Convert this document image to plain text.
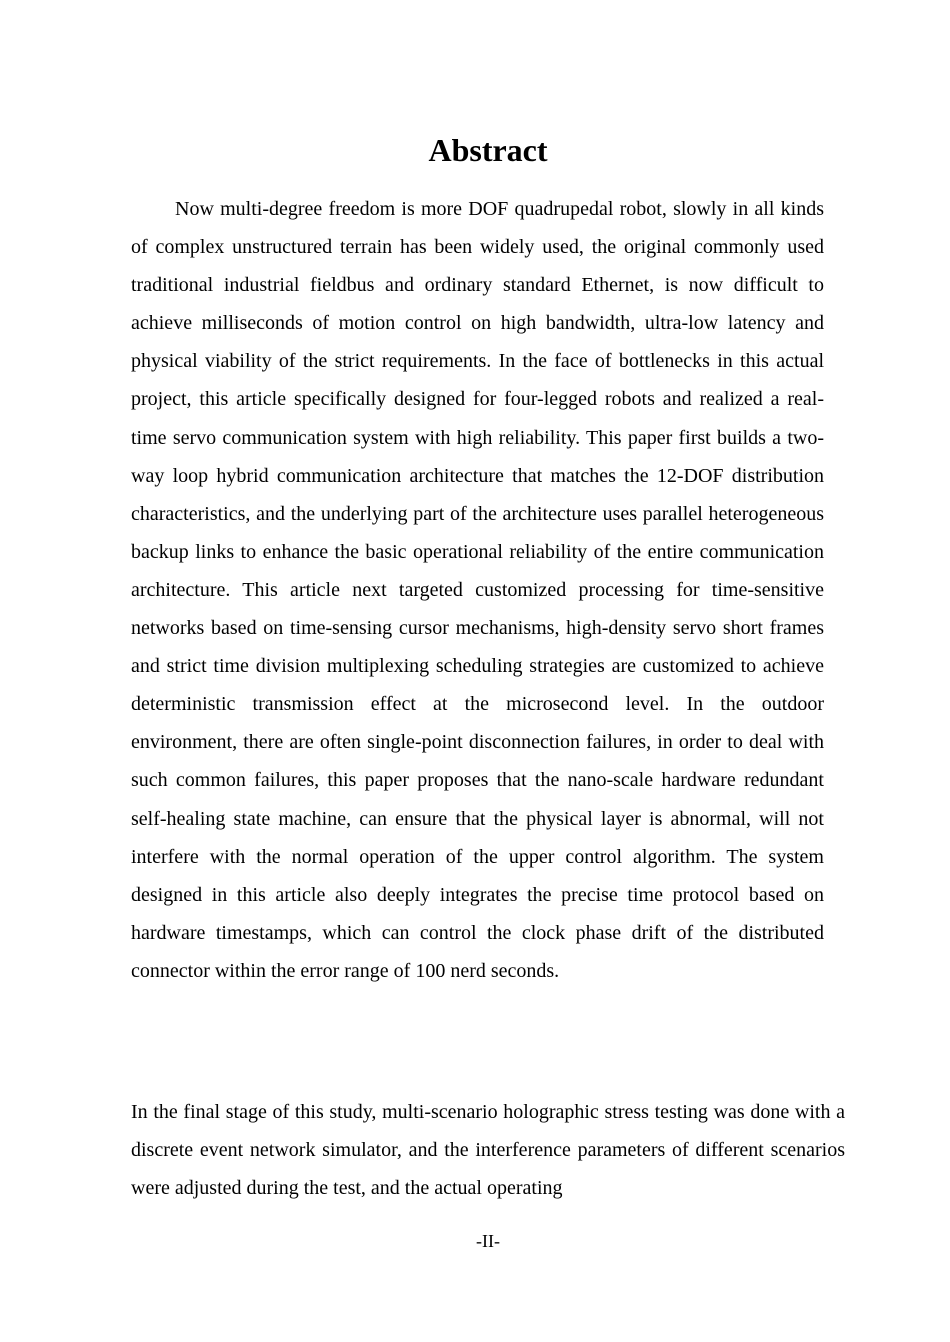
Abstract

Now multi-degree freedom is more DOF quadrupedal robot, slowly in all kinds of complex unstructured terrain has been widely used, the original commonly used traditional industrial fieldbus and ordinary standard Ethernet, is now difficult to achieve milliseconds of motion control on high bandwidth, ultra-low latency and physical viability of the strict requirements. In the face of bottlenecks in this actual project, this article specifically designed for four-legged robots and realized a real-time servo communication system with high reliability. This paper first builds a two-way loop hybrid communication architecture that matches the 12-DOF distribution characteristics, and the underlying part of the architecture uses parallel heterogeneous backup links to enhance the basic operational reliability of the entire communication architecture. This article next targeted customized processing for time-sensitive networks based on time-sensing cursor mechanisms, high-density servo short frames and strict time division multiplexing scheduling strategies are customized to achieve deterministic transmission effect at the microsecond level. In the outdoor environment, there are often single-point disconnection failures, in order to deal with such common failures, this paper proposes that the nano-scale hardware redundant self-healing state machine, can ensure that the physical layer is abnormal, will not interfere with the normal operation of the upper control algorithm. The system designed in this article also deeply integrates the precise time protocol based on hardware timestamps, which can control the clock phase drift of the distributed connector within the error range of 100 nerd seconds.

In the final stage of this study, multi-scenario holographic stress testing was done with a discrete event network simulator, and the interference parameters of different scenarios were adjusted during the test, and the actual operating

-II-
